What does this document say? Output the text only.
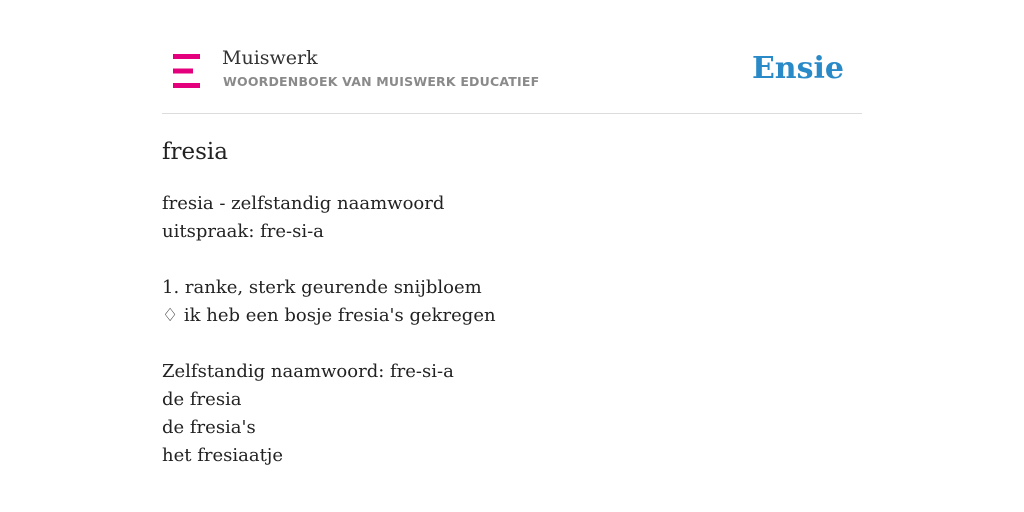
Muiswerk
WOORDENBOEK VAN MUISWERK EDUCATIEF	Ensie
fresia
fresia - zelfstandig naamwoord
uitspraak: fre-si-a
1. ranke, sterk geurende snijbloem
♢ ik heb een bosje fresia's gekregen
Zelfstandig naamwoord: fre-si-a
de fresia
de fresia's
het fresiaatje
